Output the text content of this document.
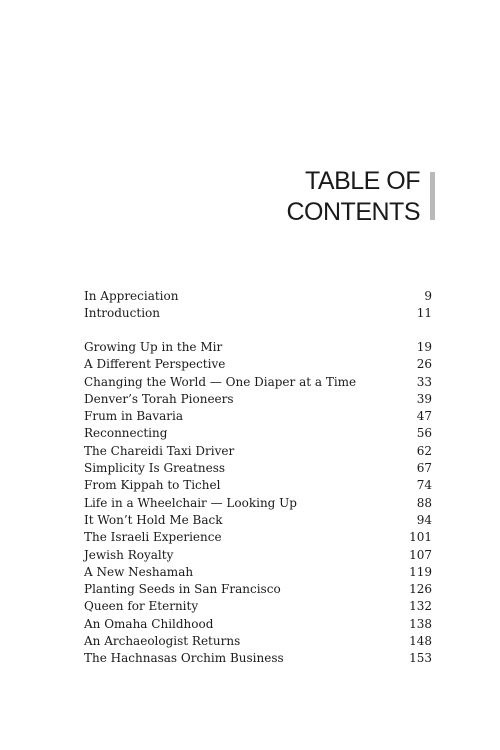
TABLE OF
CONTENTS
In Appreciation	9
Introduction	11
Growing Up in the Mir	19
A Different Perspective	26
Changing the World — One Diaper at a Time	33
Denver’s Torah Pioneers	39
Frum in Bavaria	47
Reconnecting	56
The Chareidi Taxi Driver	62
Simplicity Is Greatness	67
From Kippah to Tichel	74
Life in a Wheelchair — Looking Up	88
It Won’t Hold Me Back	94
The Israeli Experience	101
Jewish Royalty	107
A New Neshamah	119
Planting Seeds in San Francisco	126
Queen for Eternity	132
An Omaha Childhood	138
An Archaeologist Returns	148
The Hachnasas Orchim Business	153
